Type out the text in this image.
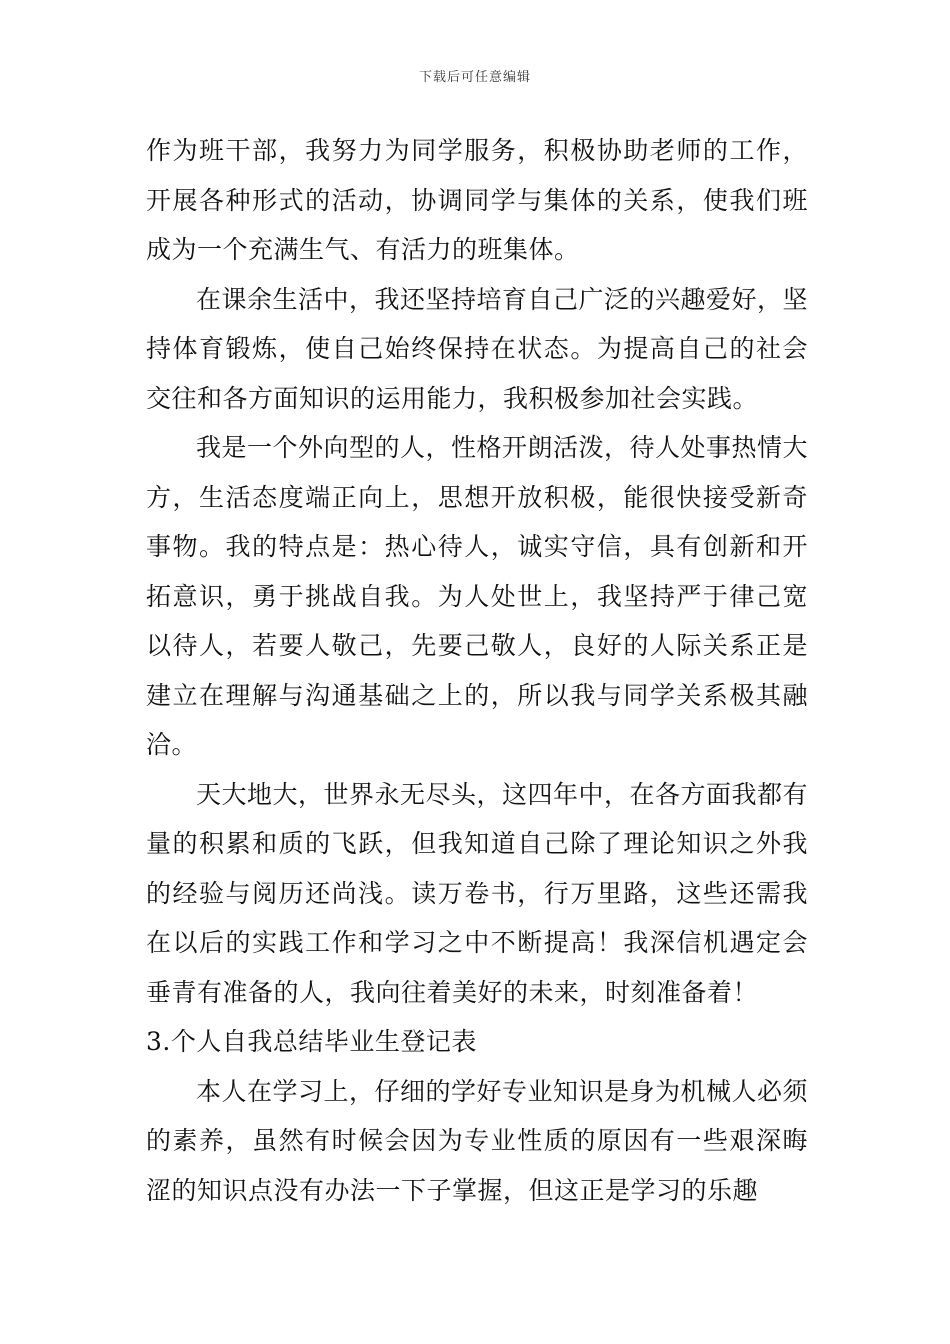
下载后可任意编辑

作为班干部，我努力为同学服务，积极协助老师的工作，开展各种形式的活动，协调同学与集体的关系，使我们班成为一个充满生气、有活力的班集体。

在课余生活中，我还坚持培育自己广泛的兴趣爱好，坚持体育锻炼，使自己始终保持在状态。为提高自己的社会交往和各方面知识的运用能力，我积极参加社会实践。

我是一个外向型的人，性格开朗活泼，待人处事热情大方，生活态度端正向上，思想开放积极，能很快接受新奇事物。我的特点是：热心待人，诚实守信，具有创新和开拓意识，勇于挑战自我。为人处世上，我坚持严于律己宽以待人，若要人敬己，先要己敬人，良好的人际关系正是建立在理解与沟通基础之上的，所以我与同学关系极其融洽。

天大地大，世界永无尽头，这四年中，在各方面我都有量的积累和质的飞跃，但我知道自己除了理论知识之外我的经验与阅历还尚浅。读万卷书，行万里路，这些还需我在以后的实践工作和学习之中不断提高！我深信机遇定会垂青有准备的人，我向往着美好的未来，时刻准备着！

3.个人自我总结毕业生登记表

本人在学习上，仔细的学好专业知识是身为机械人必须的素养，虽然有时候会因为专业性质的原因有一些艰深晦涩的知识点没有办法一下子掌握，但这正是学习的乐趣
